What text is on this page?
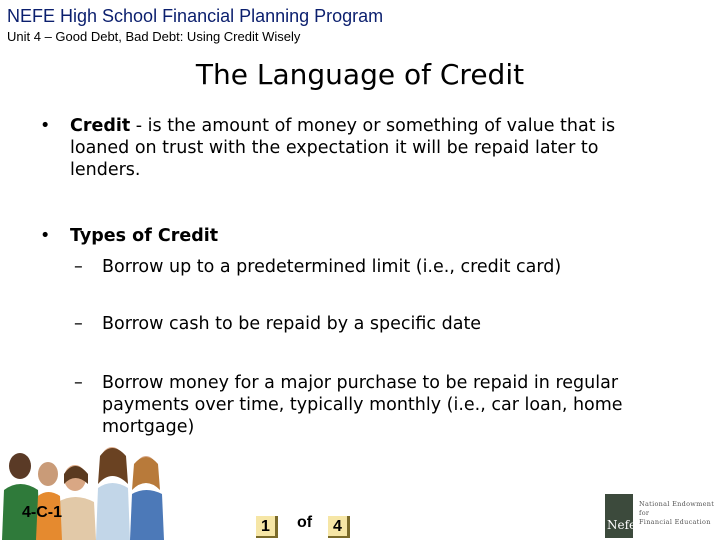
NEFE High School Financial Planning Program
Unit 4 – Good Debt, Bad Debt: Using Credit Wisely
The Language of Credit
• Credit - is the amount of money or something of value that is loaned on trust with the expectation it will be repaid later to lenders.
• Types of Credit
– Borrow up to a predetermined limit (i.e., credit card)
– Borrow cash to be repaid by a specific date
– Borrow money for a major purchase to be repaid in regular payments over time, typically monthly (i.e., car loan, home mortgage)
4-C-1
1	of	4	Nefe
National Endowment
for
Financial Education
